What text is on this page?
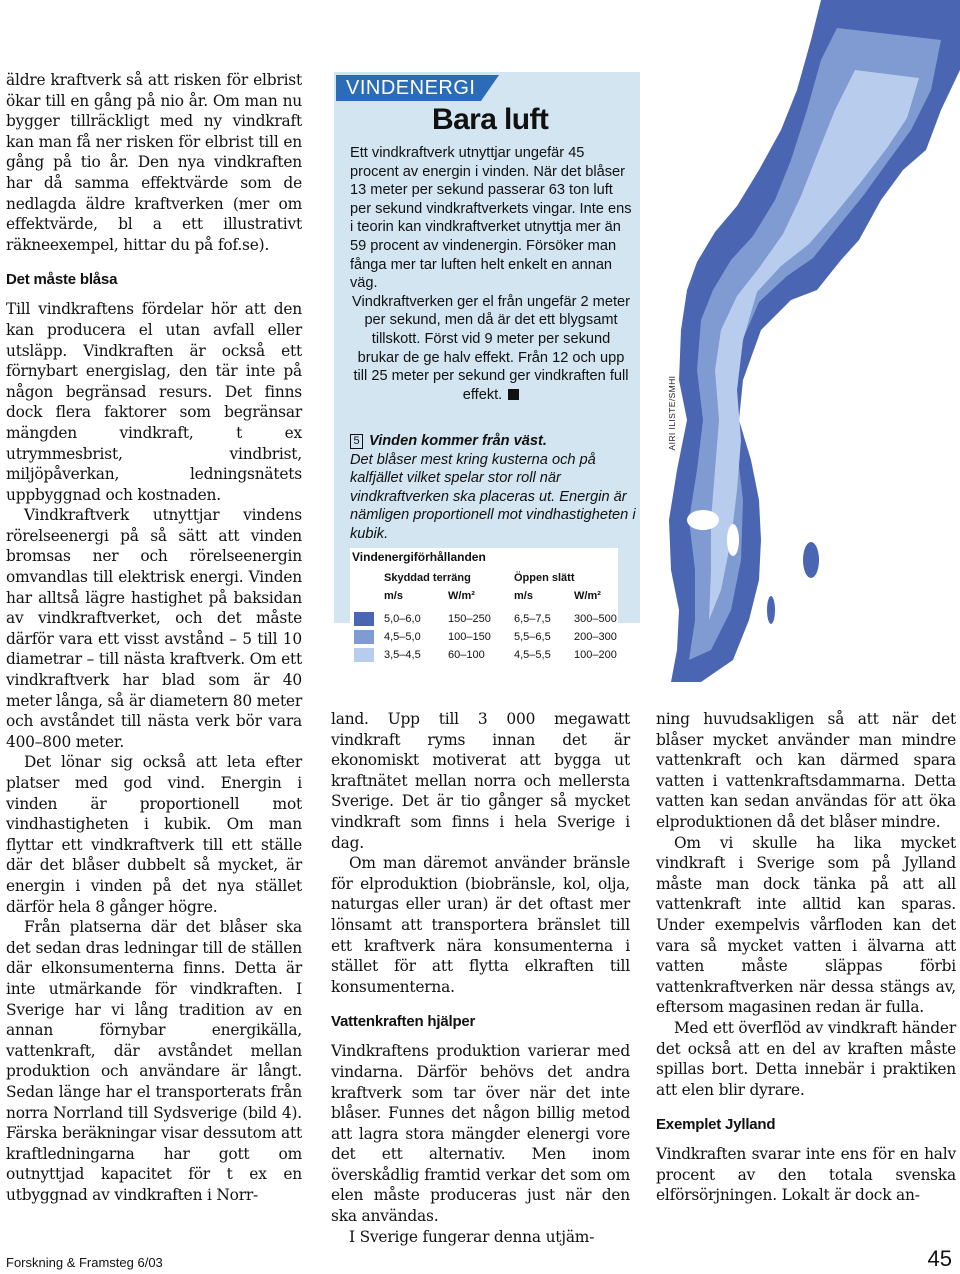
äldre kraftverk så att risken för elbrist ökar till en gång på nio år. Om man nu bygger tillräckligt med ny vindkraft kan man få ner risken för elbrist till en gång på tio år. Den nya vindkraften har då samma effektvärde som de nedlagda äldre kraftverken (mer om effektvärde, bl a ett illustrativt räkneexempel, hittar du på fof.se).

Det måste blåsa

Till vindkraftens fördelar hör att den kan producera el utan avfall eller utsläpp. Vindkraften är också ett förnybart energislag, den tär inte på någon begränsad resurs. Det finns dock flera faktorer som begränsar mängden vindkraft, t ex utrymmesbrist, vindbrist, miljöpåverkan, ledningsnätets uppbyggnad och kostnaden.

Vindkraftverk utnyttjar vindens rörelseenergi på så sätt att vinden bromsas ner och rörelseenergin omvandlas till elektrisk energi. Vinden har alltså lägre hastighet på baksidan av vindkraftverket, och det måste därför vara ett visst avstånd – 5 till 10 diametrar – till nästa kraftverk. Om ett vindkraftverk har blad som är 40 meter långa, så är diametern 80 meter och avståndet till nästa verk bör vara 400–800 meter.

Det lönar sig också att leta efter platser med god vind. Energin i vinden är proportionell mot vindhastigheten i kubik. Om man flyttar ett vindkraftverk till ett ställe där det blåser dubbelt så mycket, är energin i vinden på det nya stället därför hela 8 gånger högre.

Från platserna där det blåser ska det sedan dras ledningar till de ställen där elkonsumenterna finns. Detta är inte utmärkande för vindkraften. I Sverige har vi lång tradition av en annan förnybar energikälla, vattenkraft, där avståndet mellan produktion och användare är långt. Sedan länge har el transporterats från norra Norrland till Sydsverige (bild 4). Färska beräkningar visar dessutom att kraftledningarna har gott om outnyttjad kapacitet för t ex en utbyggnad av vindkraften i Norr-

VINDENERGI
Bara luft

Ett vindkraftverk utnyttjar ungefär 45 procent av energin i vinden. När det blåser 13 meter per sekund passerar 63 ton luft per sekund vindkraftverkets vingar. Inte ens i teorin kan vindkraftverket utnyttja mer än 59 procent av vindenergin. Försöker man fånga mer tar luften helt enkelt en annan väg.

Vindkraftverken ger el från ungefär 2 meter per sekund, men då är det ett blygsamt tillskott. Först vid 9 meter per sekund brukar de ge halv effekt. Från 12 och upp till 25 meter per sekund ger vindkraften full effekt.	AIRI ILISTE/SMHI
5 Vinden kommer från väst.
Det blåser mest kring kusterna och på kalfjället vilket spelar stor roll när vindkraftverken ska placeras ut. Energin är nämligen proportionell mot vindhastigheten i kubik.
Vindenergiförhållanden
Skyddad terräng	Öppen slätt
m/s	W/m²	m/s	W/m²
5,0–6,0 150–250 6,5–7,5 300–500
4,5–5,0 100–150 5,5–6,5 200–300
3,5–4,5 60–100	4,5–5,5 100–200

land. Upp till 3 000 megawatt vindkraft ryms innan det är ekonomiskt motiverat att bygga ut kraftnätet mellan norra och mellersta Sverige. Det är tio gånger så mycket vindkraft som finns i hela Sverige i dag.

Om man däremot använder bränsle för elproduktion (biobränsle, kol, olja, naturgas eller uran) är det oftast mer lönsamt att transportera bränslet till ett kraftverk nära konsumenterna i stället för att flytta elkraften till konsumenterna.

Vattenkraften hjälper

Vindkraftens produktion varierar med vindarna. Därför behövs det andra kraftverk som tar över när det inte blåser. Funnes det någon billig metod att lagra stora mängder elenergi vore det ett alternativ. Men inom överskådlig framtid verkar det som om elen måste produceras just när den ska användas.

I Sverige fungerar denna utjäm-

ning huvudsakligen så att när det blåser mycket använder man mindre vattenkraft och kan därmed spara vatten i vattenkraftsdammarna. Detta vatten kan sedan användas för att öka elproduktionen då det blåser mindre.

Om vi skulle ha lika mycket vindkraft i Sverige som på Jylland måste man dock tänka på att all vattenkraft inte alltid kan sparas. Under exempelvis vårfloden kan det vara så mycket vatten i älvarna att vatten måste släppas förbi vattenkraftverken när dessa stängs av, eftersom magasinen redan är fulla.

Med ett överflöd av vindkraft händer det också att en del av kraften måste spillas bort. Detta innebär i praktiken att elen blir dyrare.

Exemplet Jylland

Vindkraften svarar inte ens för en halv procent av den totala svenska elförsörjningen. Lokalt är dock an-

Forskning & Framsteg 6/03	45
